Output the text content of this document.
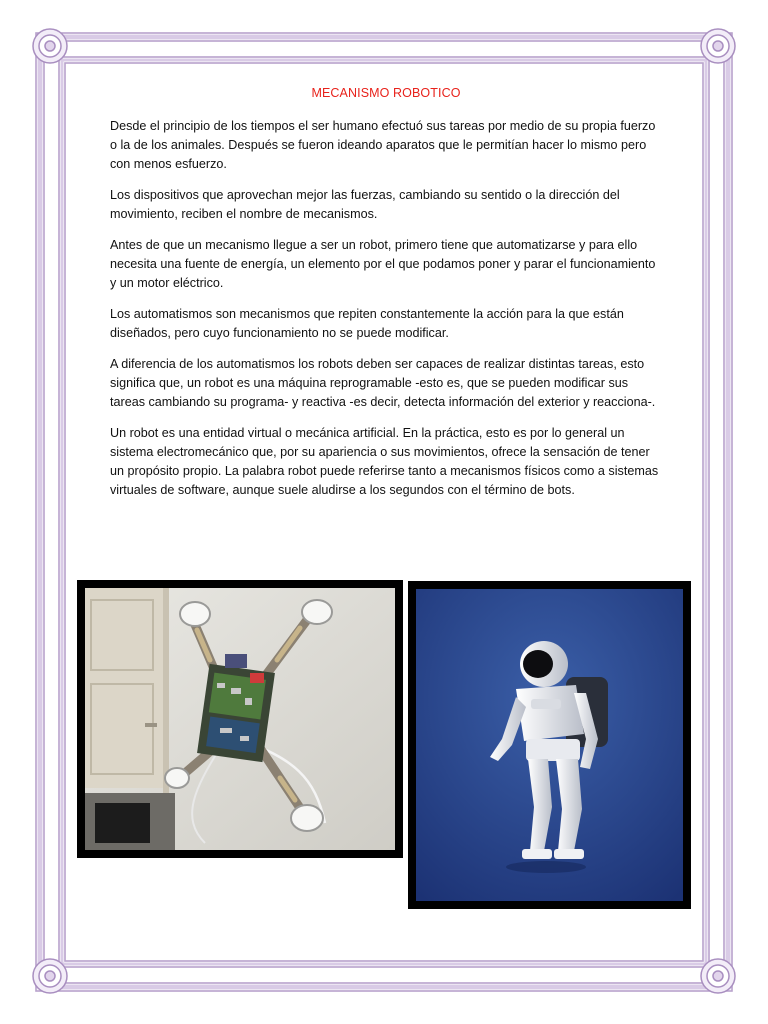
MECANISMO ROBOTICO

Desde el principio de los tiempos el ser humano efectuó sus tareas por medio de su propia fuerzo o la de los animales. Después se fueron ideando aparatos que le permitían hacer lo mismo pero con menos esfuerzo.

Los dispositivos que aprovechan mejor las fuerzas, cambiando su sentido o la dirección del movimiento, reciben el nombre de mecanismos.

Antes de que un mecanismo llegue a ser un robot, primero tiene que automatizarse y para ello necesita una fuente de energía, un elemento por el que podamos poner y parar el funcionamiento y un motor eléctrico.

Los automatismos son mecanismos que repiten constantemente la acción para la que están diseñados, pero cuyo funcionamiento no se puede modificar.

A diferencia de los automatismos los robots deben ser capaces de realizar distintas tareas, esto significa que, un robot es una máquina reprogramable -esto es, que se pueden modificar sus tareas cambiando su programa- y reactiva -es decir, detecta información del exterior y reacciona-.

Un robot es una entidad virtual o mecánica artificial. En la práctica, esto es por lo general un sistema electromecánico que, por su apariencia o sus movimientos, ofrece la sensación de tener un propósito propio. La palabra robot puede referirse tanto a mecanismos físicos como a sistemas virtuales de software, aunque suele aludirse a los segundos con el término de bots.
